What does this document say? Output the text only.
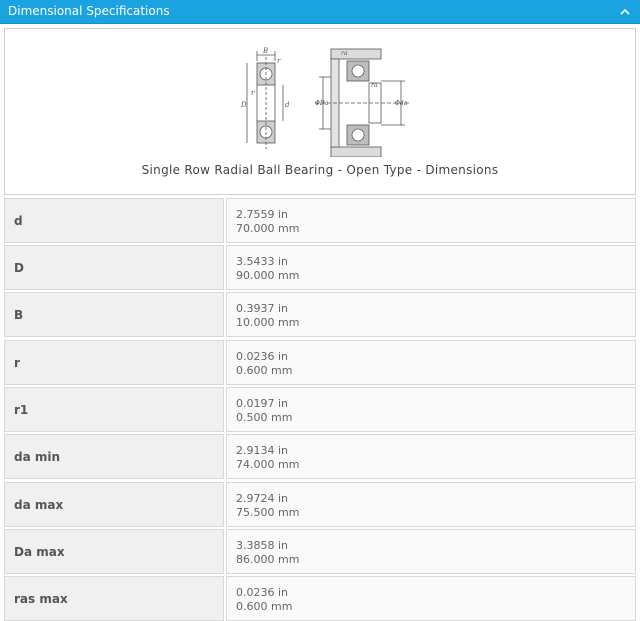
Dimensional Specifications
B
r
r
D	d
ra
ra
ΦDa	Φda
Single Row Radial Ball Bearing - Open Type - Dimensions
d	2.7559 in
70.000 mm
D	3.5433 in
90.000 mm
B	0.3937 in
10.000 mm
r	0.0236 in
0.600 mm
r1	0.0197 in
0.500 mm
da min	2.9134 in
74.000 mm
da max	2.9724 in
75.500 mm
Da max	3.3858 in
86.000 mm
ras max	0.0236 in
0.600 mm
